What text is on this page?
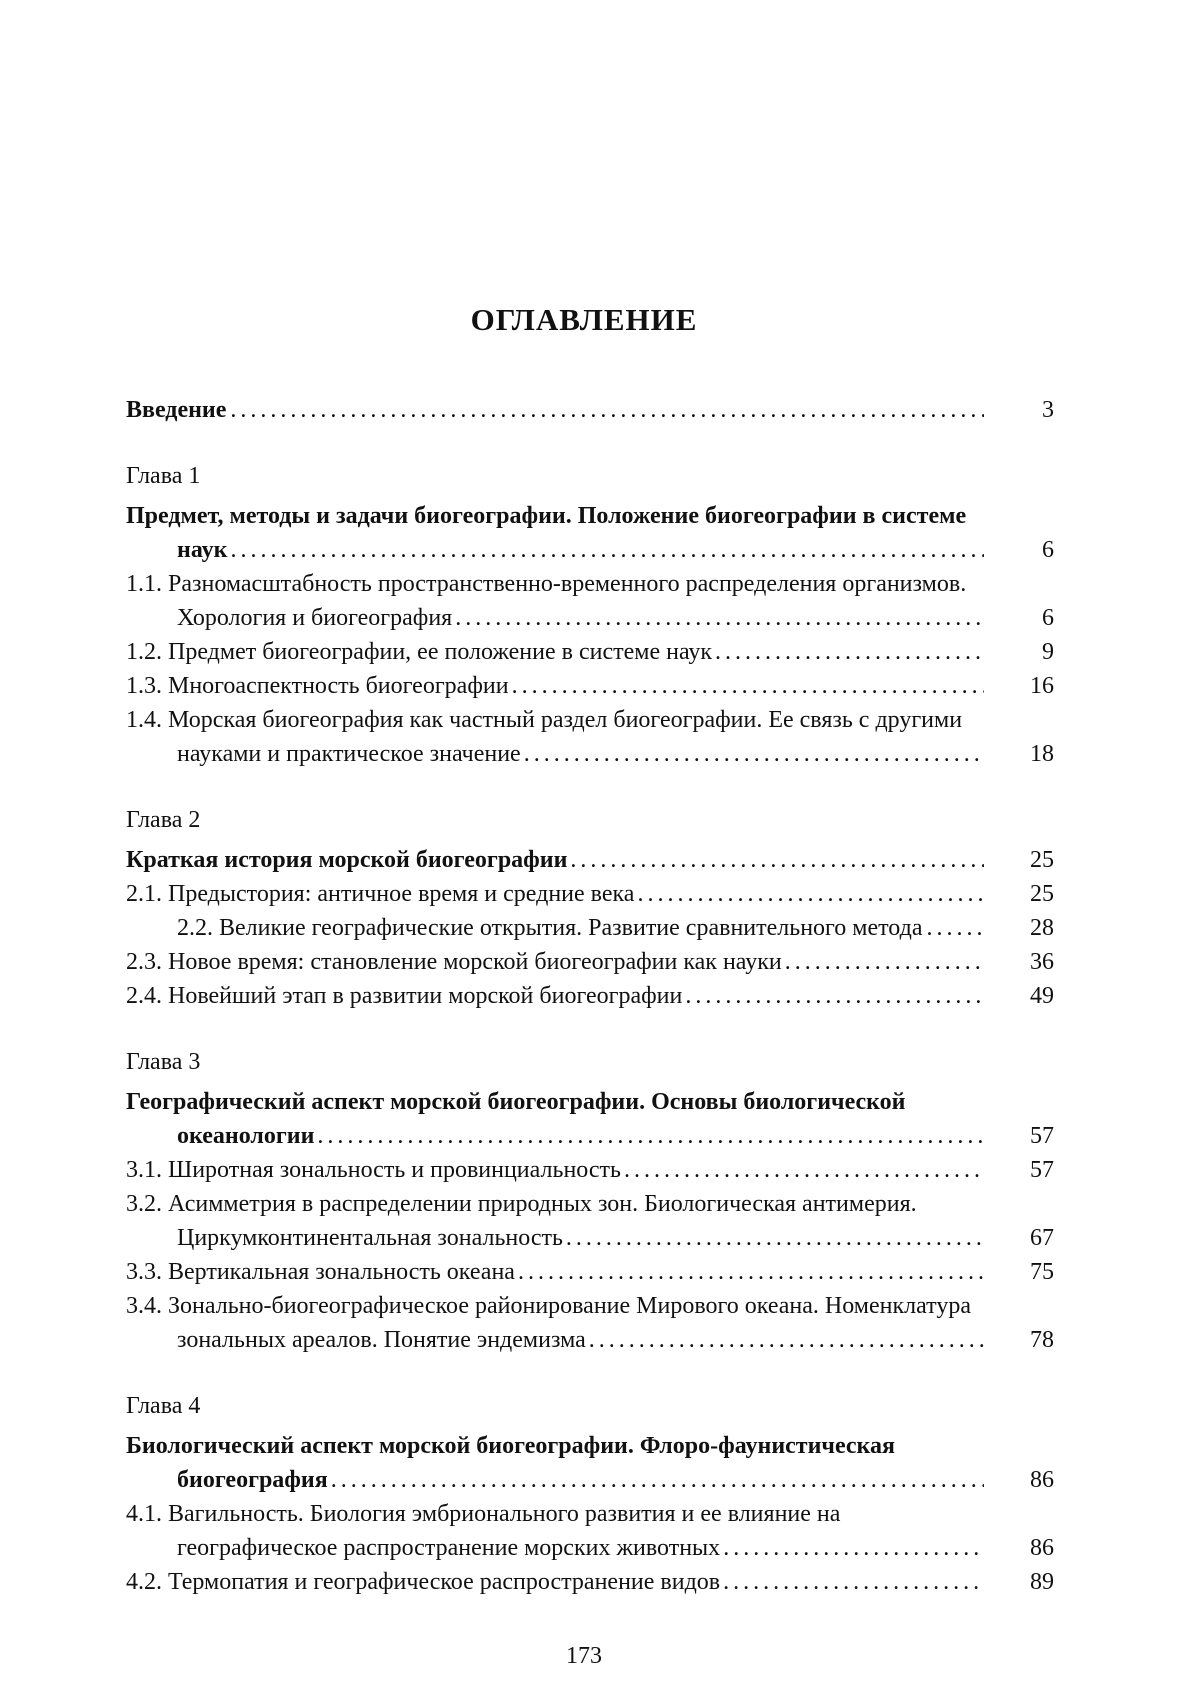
ОГЛАВЛЕНИЕ
Введение . . .	3
Глава 1
Предмет, методы и задачи биогеографии. Положение биогеографии в системе наук . . .	6
1.1. Разномасштабность пространственно-временного распределения организмов. Хорология и биогеография . . .	6
1.2. Предмет биогеографии, ее положение в системе наук . . .	9
1.3. Многоаспектность биогеографии . . .	16
1.4. Морская биогеография как частный раздел биогеографии. Ее связь с другими науками и практическое значение . . .	18
Глава 2
Краткая история морской биогеографии . . .	25
2.1. Предыстория: античное время и средние века . . .	25
2.2. Великие географические открытия. Развитие сравнительного метода . . .	28
2.3. Новое время: становление морской биогеографии как науки . . .	36
2.4. Новейший этап в развитии морской биогеографии . . .	49
Глава 3
Географический аспект морской биогеографии. Основы биологической океанологии . . .	57
3.1. Широтная зональность и провинциальность . . .	57
3.2. Асимметрия в распределении природных зон. Биологическая антимерия. Циркумконтинентальная зональность . . .	67
3.3. Вертикальная зональность океана . . .	75
3.4. Зонально-биогеографическое районирование Мирового океана. Номенклатура зональных ареалов. Понятие эндемизма . . .	78
Глава 4
Биологический аспект морской биогеографии. Флоро-фаунистическая биогеография . . .	86
4.1. Вагильность. Биология эмбрионального развития и ее влияние на географическое распространение морских животных . . .	86
4.2. Термопатия и географическое распространение видов . . .	89
173
